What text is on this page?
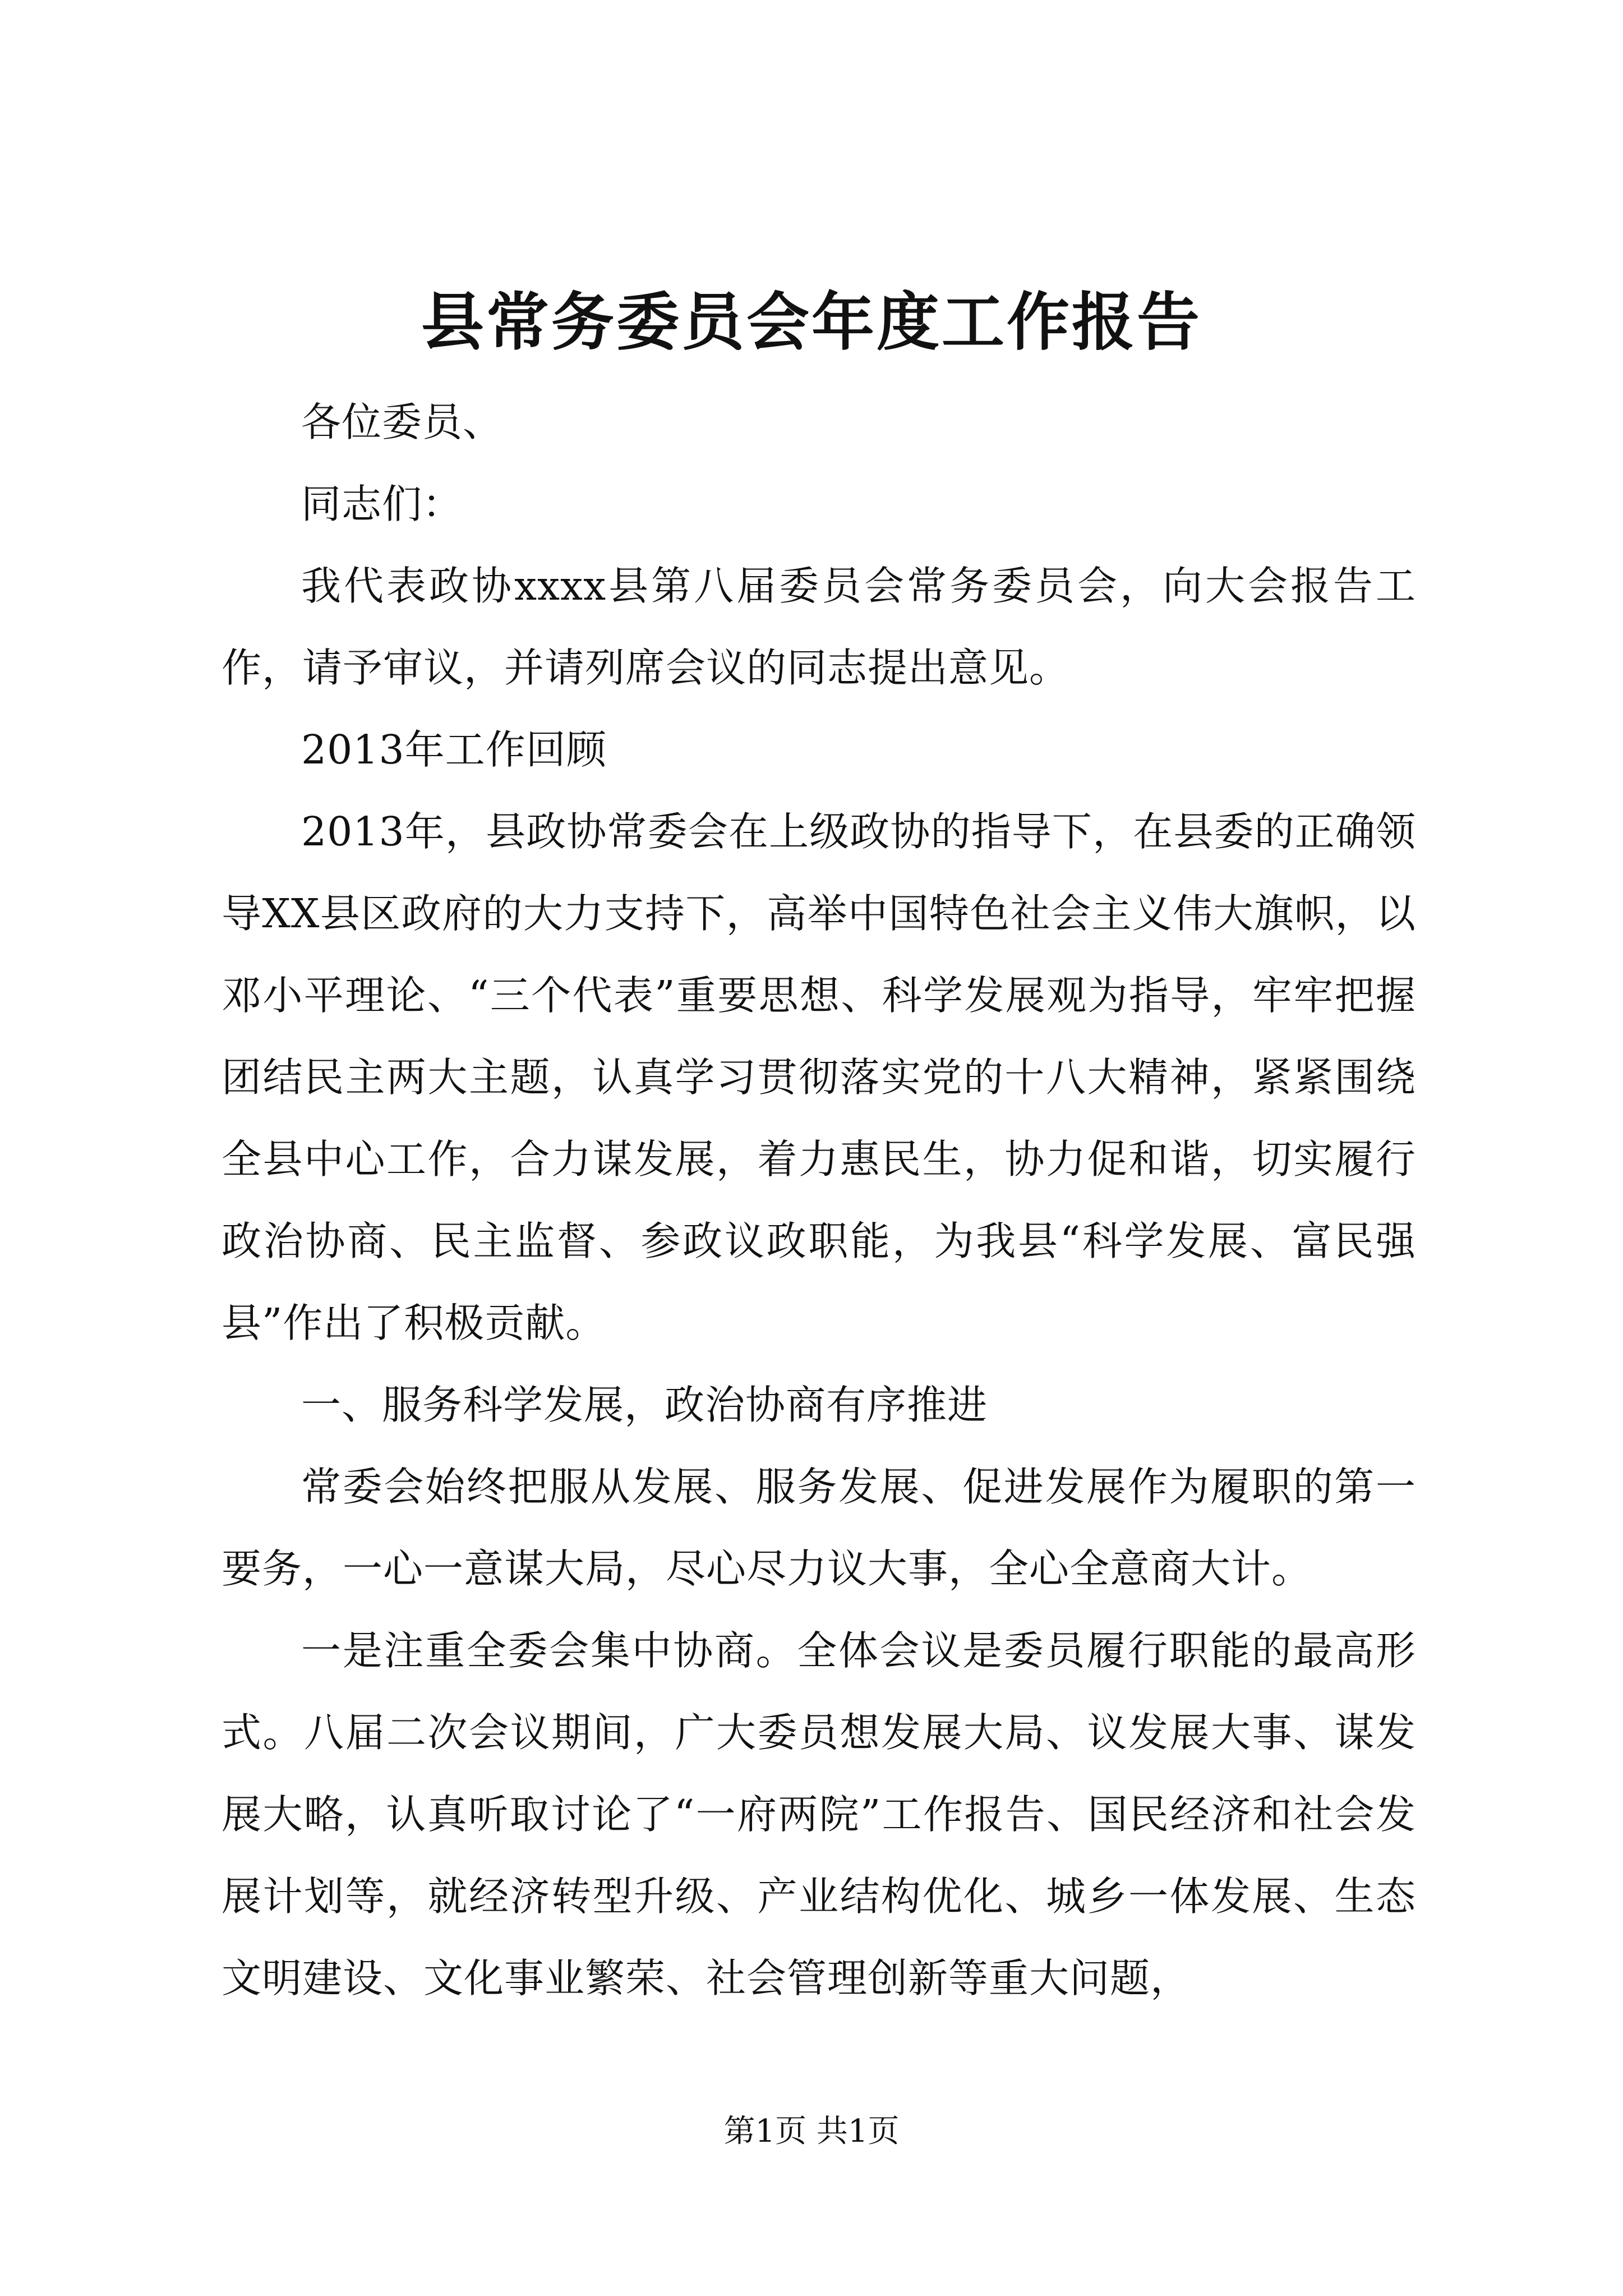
县常务委员会年度工作报告

各位委员、

同志们：

我代表政协xxxx县第八届委员会常务委员会，向大会报告工作，请予审议，并请列席会议的同志提出意见。

2013年工作回顾

2013年，县政协常委会在上级政协的指导下，在县委的正确领导XX县区政府的大力支持下，高举中国特色社会主义伟大旗帜，以邓小平理论、“三个代表”重要思想、科学发展观为指导，牢牢把握团结民主两大主题，认真学习贯彻落实党的十八大精神，紧紧围绕全县中心工作，合力谋发展，着力惠民生，协力促和谐，切实履行政治协商、民主监督、参政议政职能，为我县“科学发展、富民强县”作出了积极贡献。

一、服务科学发展，政治协商有序推进

常委会始终把服从发展、服务发展、促进发展作为履职的第一要务，一心一意谋大局，尽心尽力议大事，全心全意商大计。

一是注重全委会集中协商。全体会议是委员履行职能的最高形式。八届二次会议期间，广大委员想发展大局、议发展大事、谋发展大略，认真听取讨论了“一府两院”工作报告、国民经济和社会发展计划等，就经济转型升级、产业结构优化、城乡一体发展、生态文明建设、文化事业繁荣、社会管理创新等重大问题，

第1页 共1页
